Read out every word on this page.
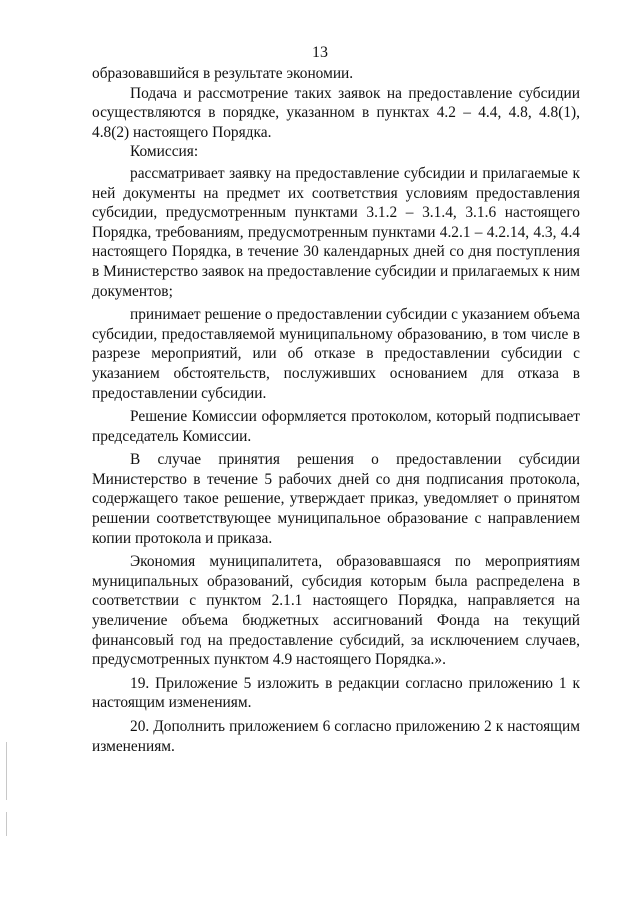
13

образовавшийся в результате экономии.

Подача и рассмотрение таких заявок на предоставление субсидии осуществляются в порядке, указанном в пунктах 4.2 – 4.4, 4.8, 4.8(1), 4.8(2) настоящего Порядка.

Комиссия:

рассматривает заявку на предоставление субсидии и прилагаемые к ней документы на предмет их соответствия условиям предоставления субсидии, предусмотренным пунктами 3.1.2 – 3.1.4, 3.1.6 настоящего Порядка, требованиям, предусмотренным пунктами 4.2.1 – 4.2.14, 4.3, 4.4 настоящего Порядка, в течение 30 календарных дней со дня поступления в Министерство заявок на предоставление субсидии и прилагаемых к ним документов;

принимает решение о предоставлении субсидии с указанием объема субсидии, предоставляемой муниципальному образованию, в том числе в разрезе мероприятий, или об отказе в предоставлении субсидии с указанием обстоятельств, послуживших основанием для отказа в предоставлении субсидии.

Решение Комиссии оформляется протоколом, который подписывает председатель Комиссии.

В случае принятия решения о предоставлении субсидии Министерство в течение 5 рабочих дней со дня подписания протокола, содержащего такое решение, утверждает приказ, уведомляет о принятом решении соответствующее муниципальное образование с направлением копии протокола и приказа.

Экономия муниципалитета, образовавшаяся по мероприятиям муниципальных образований, субсидия которым была распределена в соответствии с пунктом 2.1.1 настоящего Порядка, направляется на увеличение объема бюджетных ассигнований Фонда на текущий финансовый год на предоставление субсидий, за исключением случаев, предусмотренных пунктом 4.9 настоящего Порядка.».

19. Приложение 5 изложить в редакции согласно приложению 1 к настоящим изменениям.

20. Дополнить приложением 6 согласно приложению 2 к настоящим изменениям.
